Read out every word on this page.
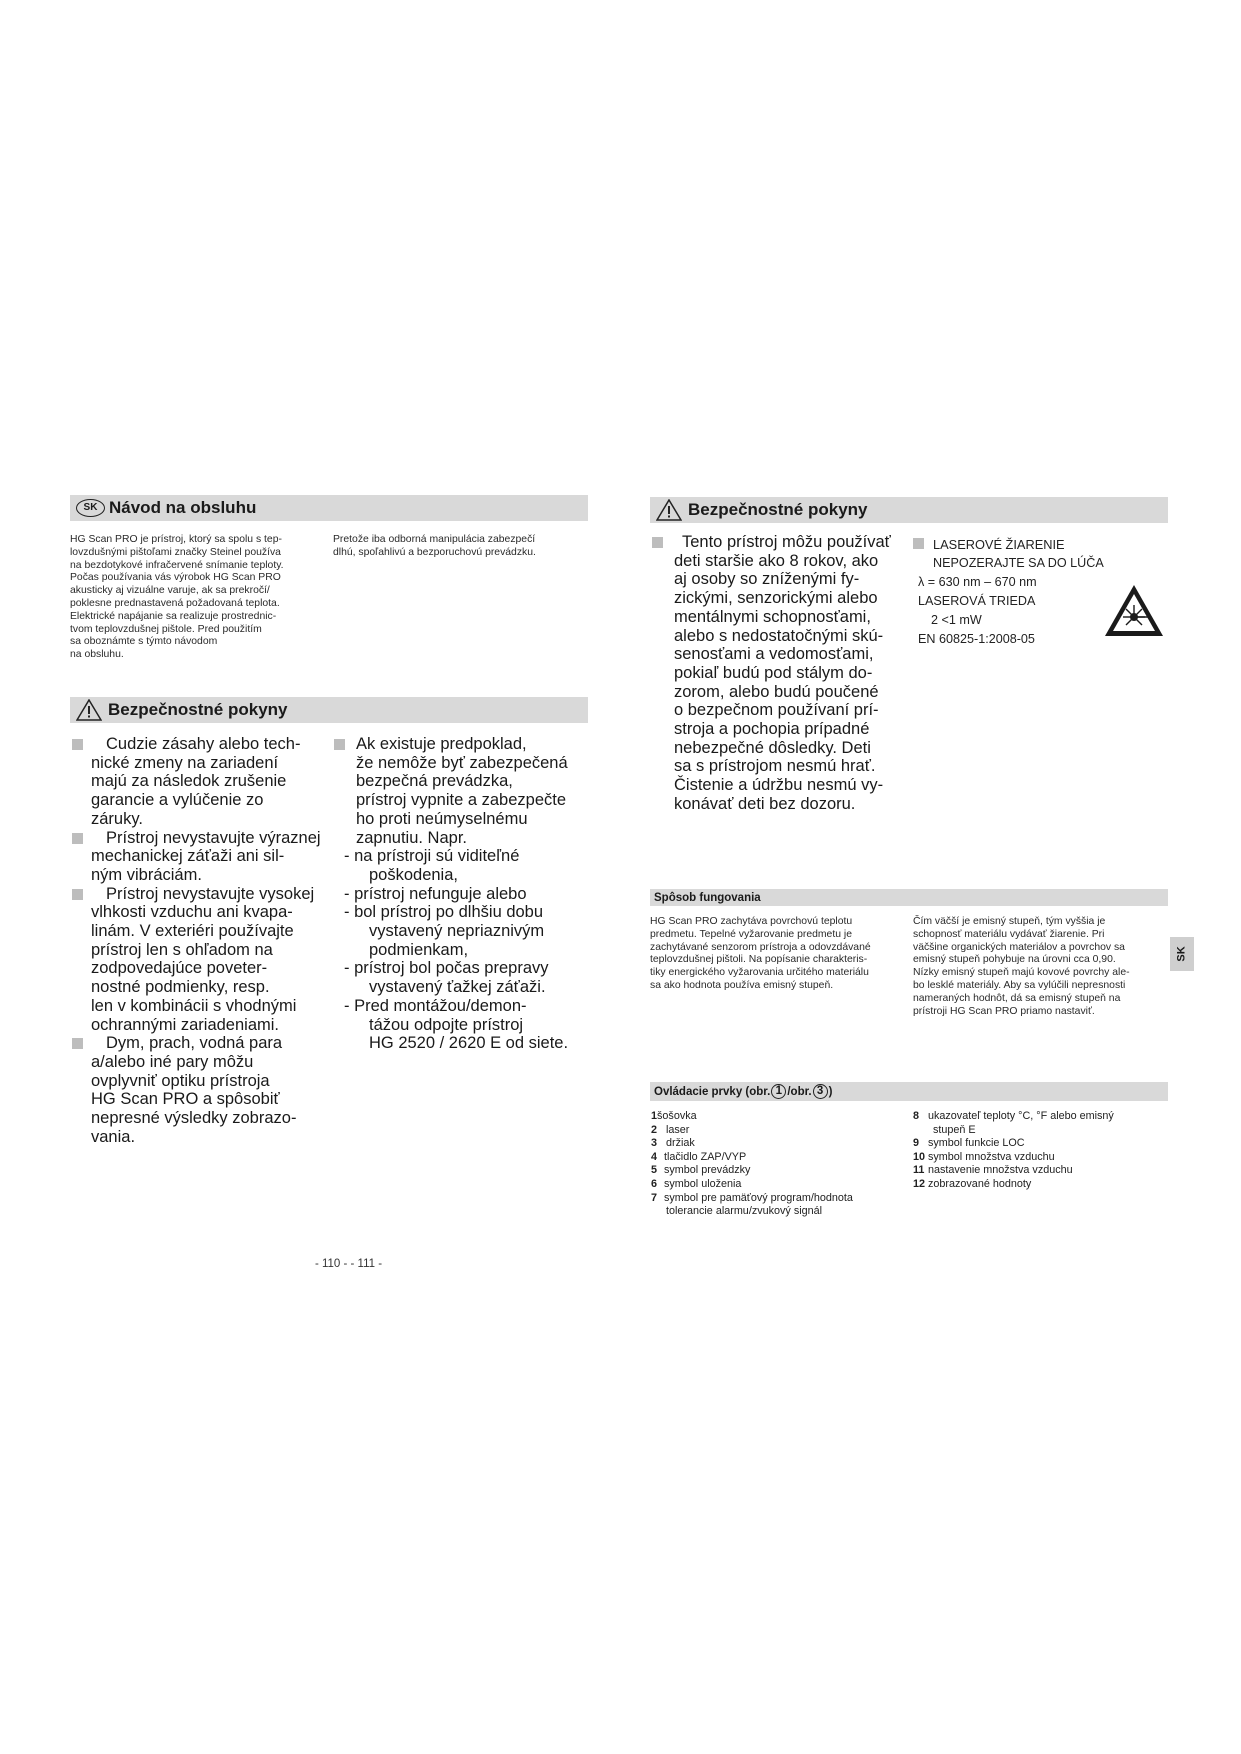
SK Návod na obsluhu
HG Scan PRO je prístroj, ktorý sa spolu s tep-
lovzdušnými pištoľami značky Steinel používa
na bezdotykové infračervené snímanie teploty.
Počas používania vás výrobok HG Scan PRO
akusticky aj vizuálne varuje, ak sa prekročí/
poklesne prednastavená požadovaná teplota.
Elektrické napájanie sa realizuje prostrednic-
tvom teplovzdušnej pištole. Pred použitím
sa oboznámte s týmto návodom
na obsluhu.
Pretože iba odborná manipulácia zabezpečí
dlhú, spoľahlivú a bezporuchovú prevádzku.
Bezpečnostné pokyny
Cudzie zásahy alebo tech-
nické zmeny na zariadení
majú za následok zrušenie
garancie a vylúčenie zo
záruky.
Prístroj nevystavujte výraznej
mechanickej záťaži ani sil-
ným vibráciám.
Prístroj nevystavujte vysokej
vlhkosti vzduchu ani kvapa-
linám. V exteriéri používajte
prístroj len s ohľadom na
zodpovedajúce poveter-
nostné podmienky, resp.
len v kombinácii s vhodnými
ochrannými zariadeniami.
Dym, prach, vodná para
a/alebo iné pary môžu
ovplyvniť optiku prístroja
HG Scan PRO a spôsobiť
nepresné výsledky zobrazo-
vania.
Ak existuje predpoklad,
že nemôže byť zabezpečená
bezpečná prevádzka,
prístroj vypnite a zabezpečte
ho proti neúmyselnému
zapnutiu. Napr.
- na prístroji sú viditeľné
poškodenia,
- prístroj nefunguje alebo
- bol prístroj po dlhšiu dobu
vystavený nepriaznivým
podmienkam,
- prístroj bol počas prepravy
vystavený ťažkej záťaži.
- Pred montážou/demon-
tážou odpojte prístroj
HG 2520 / 2620 E od siete.
- 110 - - 111 -
Bezpečnostné pokyny
Tento prístroj môžu používať
deti staršie ako 8 rokov, ako
aj osoby so zníženými fy-
zickými, senzorickými alebo
mentálnymi schopnosťami,
alebo s nedostatočnými skú-
senosťami a vedomosťami,
pokiaľ budú pod stálym do-
zorom, alebo budú poučené
o bezpečnom používaní prí-
stroja a pochopia prípadné
nebezpečné dôsledky. Deti
sa s prístrojom nesmú hrať.
Čistenie a údržbu nesmú vy-
konávať deti bez dozoru.
LASEROVÉ ŽIARENIE
NEPOZERAJTE SA DO LÚČA
λ = 630 nm – 670 nm
LASEROVÁ TRIEDA
2 <1 mW
EN 60825-1:2008-05
Spôsob fungovania
HG Scan PRO zachytáva povrchovú teplotu
predmetu. Tepelné vyžarovanie predmetu je
zachytávané senzorom prístroja a odovzdávané
teplovzdušnej pištoli. Na popísanie charakteris-
tiky energického vyžarovania určitého materiálu
sa ako hodnota používa emisný stupeň.
Čím väčší je emisný stupeň, tým vyššia je
schopnosť materiálu vydávať žiarenie. Pri
väčšine organických materiálov a povrchov sa
emisný stupeň pohybuje na úrovni cca 0,90.
Nízky emisný stupeň majú kovové povrchy ale-
bo lesklé materiály. Aby sa vylúčili nepresnosti
nameraných hodnôt, dá sa emisný stupeň na
prístroji HG Scan PRO priamo nastaviť.
SK
Ovládacie prvky (obr. 1 /obr. 3 )
1šošovka
2 laser
3 držiak
4 tlačidlo ZAP/VYP
5 symbol prevádzky
6 symbol uloženia
7 symbol pre pamäťový program/hodnota
tolerancie alarmu/zvukový signál
8 ukazovateľ teploty °C, °F alebo emisný
stupeň E
9 symbol funkcie LOC
10 symbol množstva vzduchu
11 nastavenie množstva vzduchu
12 zobrazované hodnoty
